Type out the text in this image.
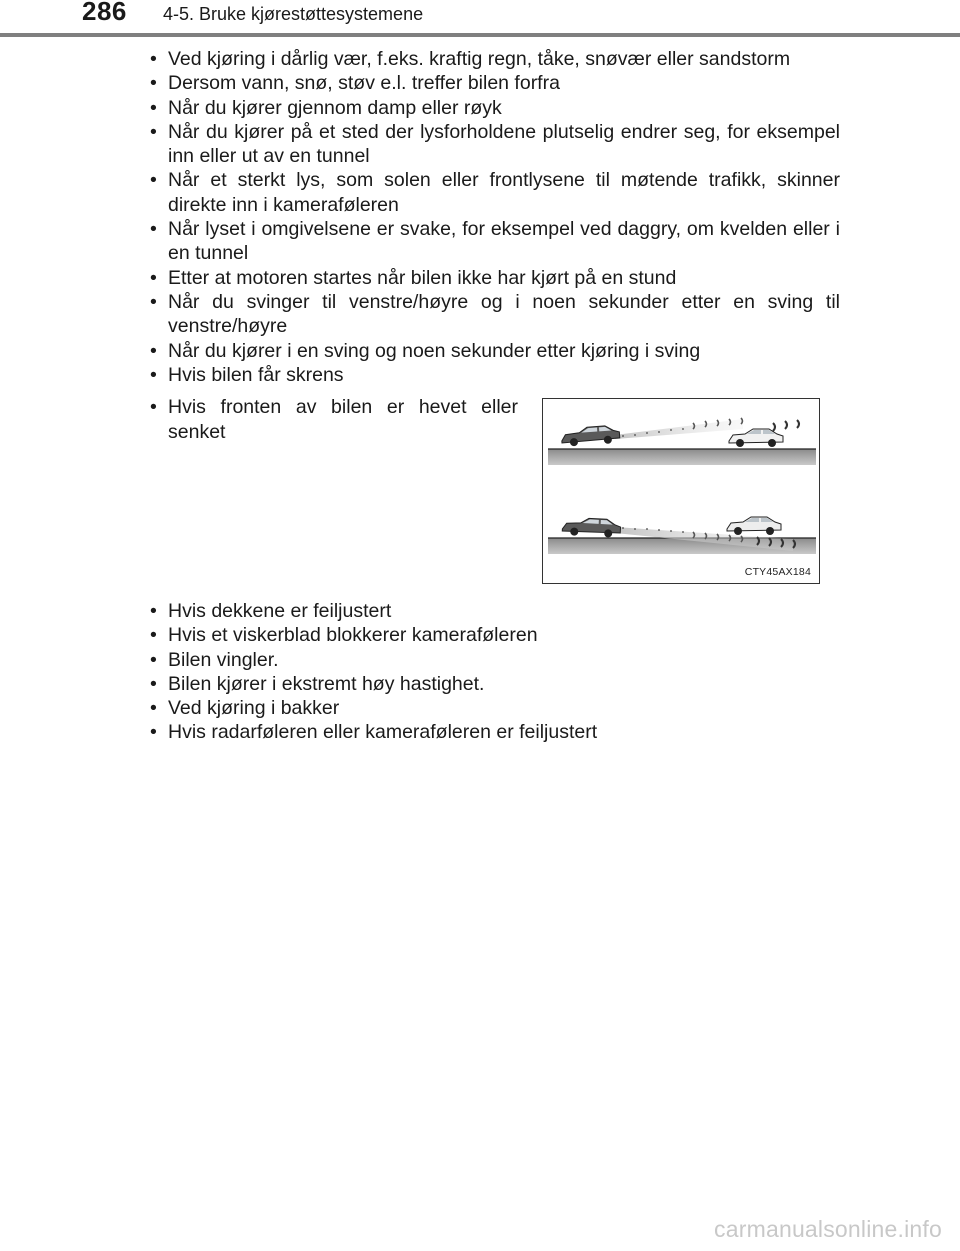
286 4-5. Bruke kjørestøttesystemene
• Ved kjøring i dårlig vær, f.eks. kraftig regn, tåke, snøvær eller sandstorm
• Dersom vann, snø, støv e.l. treffer bilen forfra
• Når du kjører gjennom damp eller røyk
• Når du kjører på et sted der lysforholdene plutselig endrer seg, for eksempel inn eller ut av en tunnel
• Når et sterkt lys, som solen eller frontlysene til møtende trafikk, skinner direkte inn i kameraføleren
• Når lyset i omgivelsene er svake, for eksempel ved daggry, om kvelden eller i en tunnel
• Etter at motoren startes når bilen ikke har kjørt på en stund
• Når du svinger til venstre/høyre og i noen sekunder etter en sving til venstre/høyre
• Når du kjører i en sving og noen sekunder etter kjøring i sving
• Hvis bilen får skrens
• Hvis fronten av bilen er hevet eller senket
CTY45AX184
• Hvis dekkene er feiljustert
• Hvis et viskerblad blokkerer kameraføleren
• Bilen vingler.
• Bilen kjører i ekstremt høy hastighet.
• Ved kjøring i bakker
• Hvis radarføleren eller kameraføleren er feiljustert
carmanualsonline.info
